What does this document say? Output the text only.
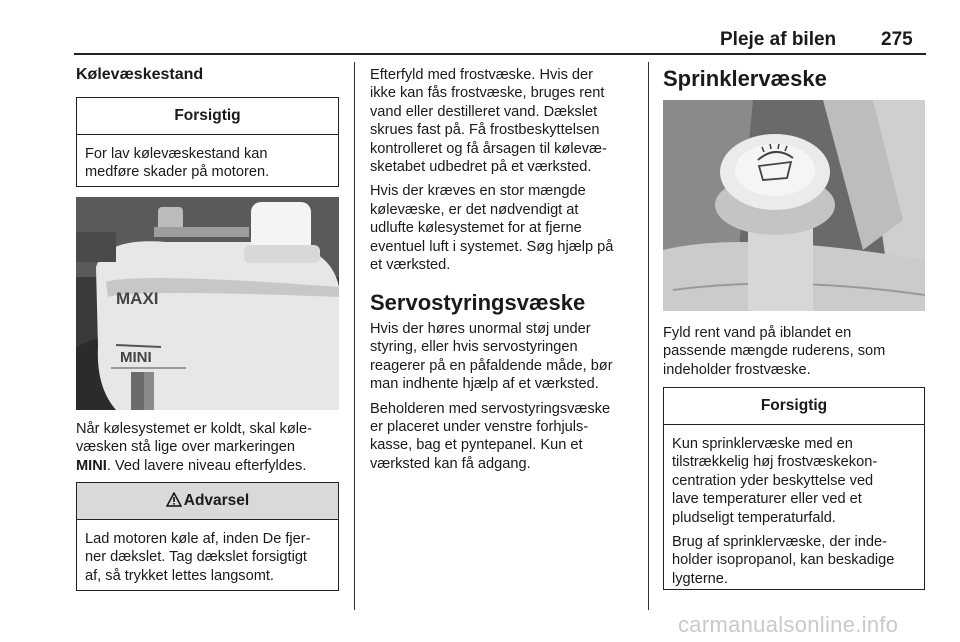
Pleje af bilen 275
Kølevæskestand
Forsigtig
For lav kølevæskestand kan
medføre skader på motoren.
MAXI
MINI
Når kølesystemet er koldt, skal køle-
væsken stå lige over markeringen
MINI. Ved lavere niveau efterfyldes.
Advarsel
Lad motoren køle af, inden De fjer-
ner dækslet. Tag dækslet forsigtigt
af, så trykket lettes langsomt.

Efterfyld med frostvæske. Hvis der
ikke kan fås frostvæske, bruges rent
vand eller destilleret vand. Dækslet
skrues fast på. Få frostbeskyttelsen
kontrolleret og få årsagen til kølevæ-
sketabet udbedret på et værksted.

Hvis der kræves en stor mængde
kølevæske, er det nødvendigt at
udlufte kølesystemet for at fjerne
eventuel luft i systemet. Søg hjælp på
et værksted.

Servostyringsvæske

Hvis der høres unormal støj under
styring, eller hvis servostyringen
reagerer på en påfaldende måde, bør
man indhente hjælp af et værksted.

Beholderen med servostyringsvæske
er placeret under venstre forhjuls-
kasse, bag et pyntepanel. Kun et
værksted kan få adgang.

Sprinklervæske
Fyld rent vand på iblandet en
passende mængde ruderens, som
indeholder frostvæske.
Forsigtig

Kun sprinklervæske med en
tilstrækkelig høj frostvæskekon-
centration yder beskyttelse ved
lave temperaturer eller ved et
pludseligt temperaturfald.

Brug af sprinklervæske, der inde-
holder isopropanol, kan beskadige
lygterne.

carmanualsonline.info
